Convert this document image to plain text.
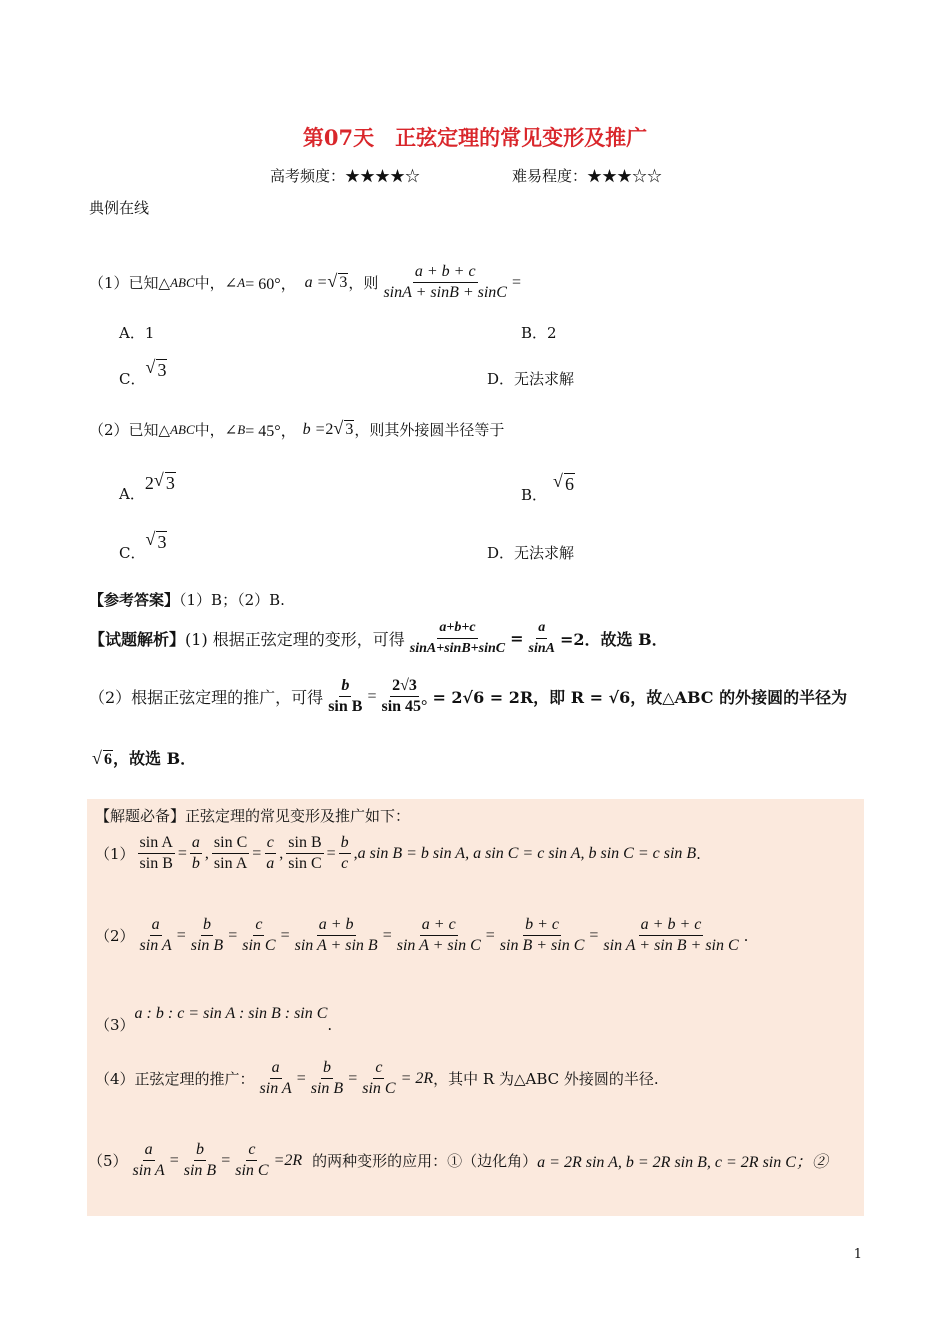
第07天　正弦定理的常见变形及推广
高考频度：★★★★☆	难易程度：★★★☆☆
典例在线
（1）已知△ ABC 中，∠ A = 60°， a = √ 3 ，则 $\frac{a + b + c}{\sin A + \sin B + \sin C}$ =
A．1	B．2
C． √ 3	D．无法求解
（2）已知△ ABC 中，∠ B = 45°， b = 2 √ 3 ，则其外接圆半径等于
A．2 √ 3
B．√ 6
C．√ 3
D．无法求解
【参考答案】（1）B；（2）B.
【试题解析】 (1) 根据正弦定理的变形，可得 $\frac{a+b+c}{\sin A+\sin B+\sin C} = \frac{a}{\sin A} =2$．故选 B．
（2）根据正弦定理的推广，可得 $\frac{b}{\text{sin B}} = \frac{2√3}{\sin 45^\circ} = 2√6 = 2R$，即 R = √6，故△ABC 的外接圆的半径为
√ 6，故选 B．
【解题必备】正弦定理的常见变形及推广如下：
$(1) \frac{\text{sin A}}{\text{sin B}} = \frac{a}{b}$ , $\frac{\text{sin C}}{\text{sin A}} = \frac{c}{a}$ , $\frac{\text{sin B}}{\text{sin C}} = \frac{b}{c}$ , a sin B = b sin A, a sin C = c sin A, b sin C = c sin B .
$(2) \frac{a}{\text{sin A}} = \frac{b}{\text{sin B}} = \frac{c}{\text{sin C}} = \frac{a + b}{\text{sin A + sin B}} = \frac{a + c}{\text{sin A + sin C}} = \frac{b + c}{\text{sin B + sin C}} = \frac{a + b + c}{\text{sin A + sin B + sin C}}$ .
（3）a : b : c = sin A : sin B : sin C.
（4）正弦定理的推广： $\frac{a}{\text{sin A}} = \frac{b}{\text{sin B}} = \frac{c}{\text{sin C}} = 2R$ ，其中 R 为△ABC 外接圆的半径.
$(5) \frac{a}{\text{sin A}} = \frac{b}{\text{sin B}} = \frac{c}{\text{sin C}} =2R$ 的两种变形的应用：①（边化角） a = 2R sin A, b = 2R sin B, c = 2R sin C；②
1
